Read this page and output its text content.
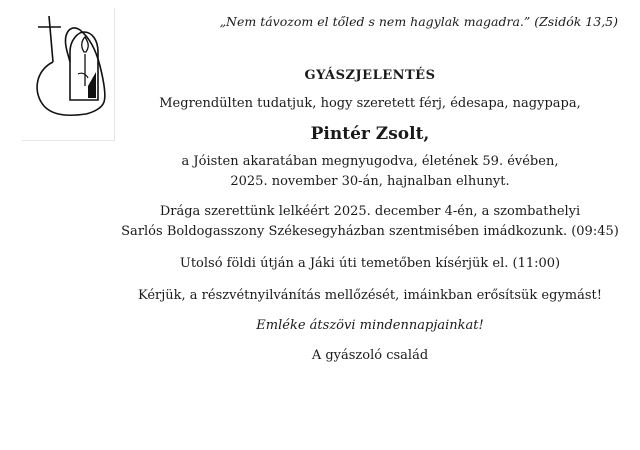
„Nem távozom el tőled s nem hagylak magadra.” (Zsidók 13,5)

GYÁSZJELENTÉS

Megrendülten tudatjuk, hogy szeretett férj, édesapa, nagypapa,

Pintér Zsolt,

a Jóisten akaratában megnyugodva, életének 59. évében,
2025. november 30-án, hajnalban elhunyt.

Drága szerettünk lelkéért 2025. december 4-én, a szombathelyi
Sarlós Boldogasszony Székesegyházban szentmisében imádkozunk. (09:45)

Utolsó földi útján a Jáki úti temetőben kísérjük el. (11:00)

Kérjük, a részvétnyilvánítás mellőzését, imáinkban erősítsük egymást!

Emléke átszövi mindennapjainkat!

A gyászoló család
